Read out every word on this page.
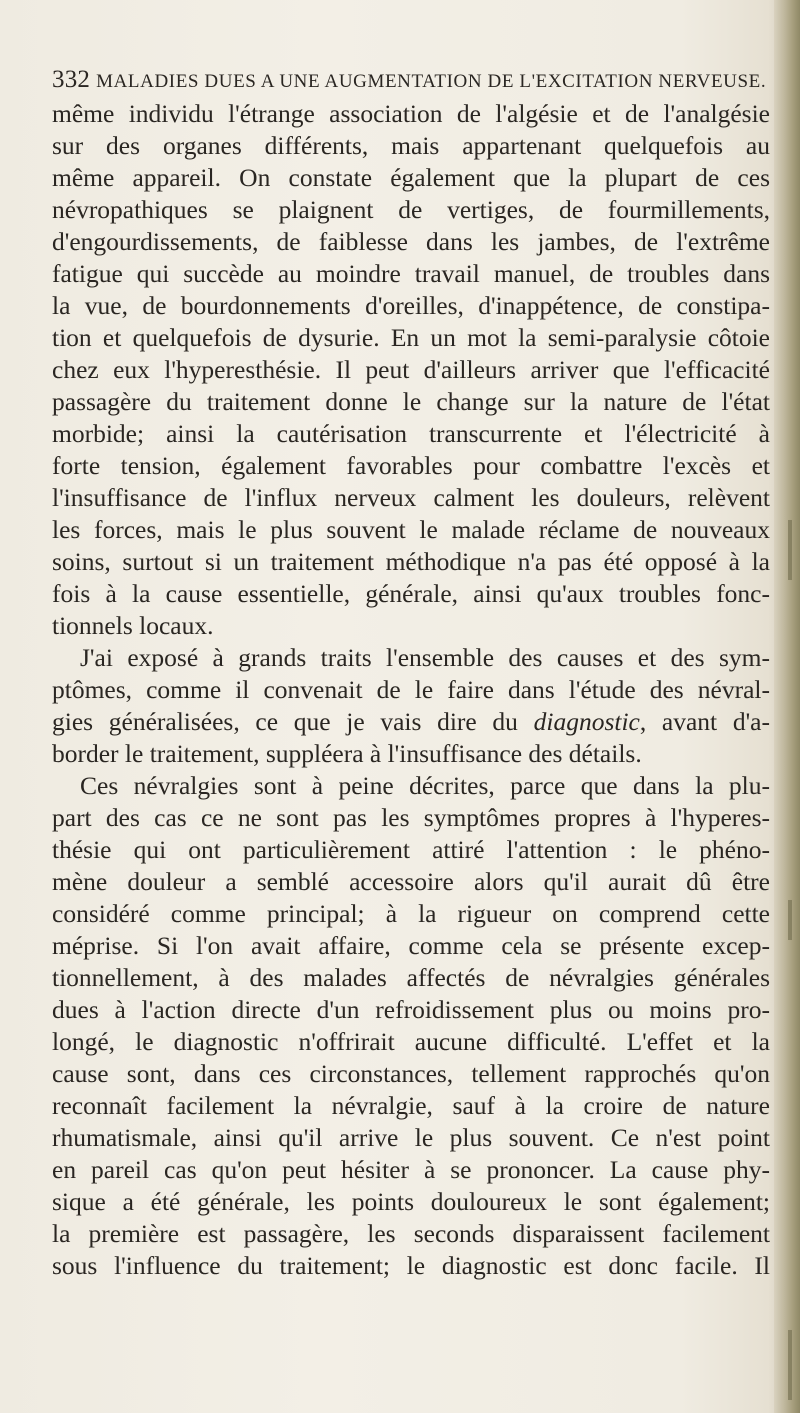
332 MALADIES DUES A UNE AUGMENTATION DE L'EXCITATION NERVEUSE.
même individu l'étrange association de l'algésie et de l'analgésie
sur des organes différents, mais appartenant quelquefois au
même appareil. On constate également que la plupart de ces
névropathiques se plaignent de vertiges, de fourmillements,
d'engourdissements, de faiblesse dans les jambes, de l'extrême
fatigue qui succède au moindre travail manuel, de troubles dans
la vue, de bourdonnements d'oreilles, d'inappétence, de constipa-
tion et quelquefois de dysurie. En un mot la semi-paralysie côtoie
chez eux l'hyperesthésie. Il peut d'ailleurs arriver que l'efficacité
passagère du traitement donne le change sur la nature de l'état
morbide; ainsi la cautérisation transcurrente et l'électricité à
forte tension, également favorables pour combattre l'excès et
l'insuffisance de l'influx nerveux calment les douleurs, relèvent
les forces, mais le plus souvent le malade réclame de nouveaux
soins, surtout si un traitement méthodique n'a pas été opposé à la
fois à la cause essentielle, générale, ainsi qu'aux troubles fonc-
tionnels locaux.
J'ai exposé à grands traits l'ensemble des causes et des sym-
ptômes, comme il convenait de le faire dans l'étude des névral-
gies généralisées, ce que je vais dire du diagnostic, avant d'a-
border le traitement, suppléera à l'insuffisance des détails.
Ces névralgies sont à peine décrites, parce que dans la plu-
part des cas ce ne sont pas les symptômes propres à l'hyperes-
thésie qui ont particulièrement attiré l'attention : le phéno-
mène douleur a semblé accessoire alors qu'il aurait dû être
considéré comme principal; à la rigueur on comprend cette
méprise. Si l'on avait affaire, comme cela se présente excep-
tionnellement, à des malades affectés de névralgies générales
dues à l'action directe d'un refroidissement plus ou moins pro-
longé, le diagnostic n'offrirait aucune difficulté. L'effet et la
cause sont, dans ces circonstances, tellement rapprochés qu'on
reconnaît facilement la névralgie, sauf à la croire de nature
rhumatismale, ainsi qu'il arrive le plus souvent. Ce n'est point
en pareil cas qu'on peut hésiter à se prononcer. La cause phy-
sique a été générale, les points douloureux le sont également;
la première est passagère, les seconds disparaissent facilement
sous l'influence du traitement; le diagnostic est donc facile. Il
